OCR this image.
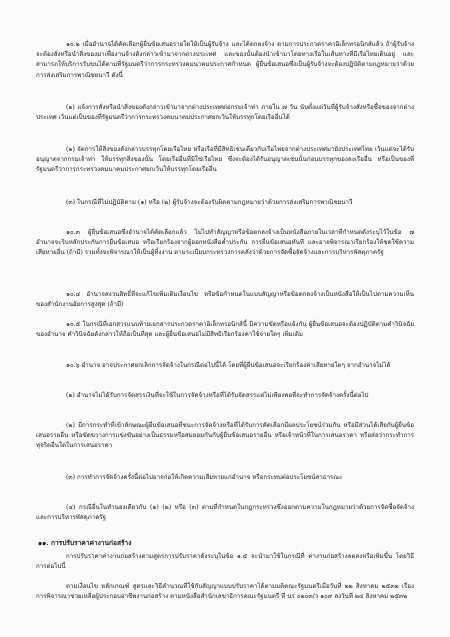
๑๐.๒ เมื่ออำนาจได้คัดเลือกผู้ยื่นข้อเสนอรายใดให้เป็นผู้รับจ้าง และได้ตกลงจ้าง ตามการประกวดราคาอิเล็กทรอนิกส์แล้ว ถ้าผู้รับจ้างจะต้องสั่งหรือนำสิ่งของมาเพื่องานจ้างดังกล่าวเข้ามาจากต่างประเทศ และของนั้นต้องนำเข้ามาโดยทางเรือในเส้นทางที่มีเรือไทยเดินอยู่ และสามารถให้บริการรับขนได้ตามที่รัฐมนตรีว่าการกระทรวงคมนาคมประกาศกำหนด ผู้ยื่นข้อเสนอซึ่งเป็นผู้รับจ้างจะต้องปฏิบัติตามกฎหมายว่าด้วยการส่งเสริมการพาณิชยนาวี ดังนี้
(๑) แจ้งการสั่งหรือนำสิ่งของดังกล่าวเข้ามาจากต่างประเทศต่อกรมเจ้าท่า ภายใน ๗ วัน นับตั้งแต่วันที่ผู้รับจ้างสั่งหรือซื้อของจากต่างประเทศ เว้นแต่เป็นของที่รัฐมนตรีว่าการกระทรวงคมนาคมประกาศยกเว้นให้บรรทุกโดยเรืออื่นได้
(๒) จัดการให้สิ่งของดังกล่าวบรรทุกโดยเรือไทย หรือเรือที่มีสิทธิเช่นเดียวกับเรือไทยจากต่างประเทศมายังประเทศไทย เว้นแต่จะได้รับอนุญาตจากกรมเจ้าท่า ให้บรรทุกสิ่งของนั้น โดยเรืออื่นที่มิใช่เรือไทย ซึ่งจะต้องได้รับอนุญาตเช่นนั้นก่อนบรรทุกของลงเรืออื่น หรือเป็นของที่รัฐมนตรีว่าการกระทรวงคมนาคมประกาศยกเว้นให้บรรทุกโดยเรืออื่น
(๓) ในกรณีที่ไม่ปฏิบัติตาม (๑) หรือ (๒) ผู้รับจ้างจะต้องรับผิดตามกฎหมายว่าด้วยการส่งเสริมการพาณิชยนาวี
๑๐.๓ ผู้ยื่นข้อเสนอซึ่งอำนาจได้คัดเลือกแล้ว ไม่ไปทำสัญญาหรือข้อตกลงจ้างเป็นหนังสือภายในเวลาที่กำหนดดังระบุไว้ในข้อ ๗ อำนาจจะริบหลักประกันการยื่นข้อเสนอ หรือเรียกร้องจากผู้ออกหนังสือค้ำประกัน การยื่นข้อเสนอทันที และอาจพิจารณาเรียกร้องให้ชดใช้ความเสียหายอื่น (ถ้ามี) รวมทั้งจะพิจารณาให้เป็นผู้ทิ้งงาน ตามระเบียบกระทรวงการคลังว่าด้วยการจัดซื้อจัดจ้างและการบริหารพัสดุภาครัฐ
๑๐.๔ อำนาจสงวนสิทธิ์ที่จะแก้ไขเพิ่มเติมเงื่อนไข หรือข้อกำหนดในแบบสัญญาหรือข้อตกลงจ้างเป็นหนังสือให้เป็นไปตามความเห็นของสำนักงานอัยการสูงสุด (ถ้ามี)
๑๐.๕ ในกรณีที่เอกสารแนบท้ายเอกสารประกวดราคาอิเล็กทรอนิกส์นี้ มีความขัดหรือแย้งกัน ผู้ยื่นข้อเสนอจะต้องปฏิบัติตามคำวินิจฉัยของอำนาจ คำวินิจฉัยดังกล่าวให้ถือเป็นที่สุด และผู้ยื่นข้อเสนอไม่มีสิทธิเรียกร้องค่าใช้จ่ายใดๆ เพิ่มเติม
๑๐.๖ อำนาจ อาจประกาศยกเลิกการจัดจ้างในกรณีต่อไปนี้ได้ โดยที่ผู้ยื่นข้อเสนอจะเรียกร้องค่าเสียหายใดๆ จากอำนาจไม่ได้
(๑) อำนาจไม่ได้รับการจัดสรรเงินที่จะใช้ในการจัดจ้างหรือที่ได้รับจัดสรรแต่ไม่เพียงพอที่จะทำการจัดจ้างครั้งนี้ต่อไป
(๒) มีการกระทำที่เข้าลักษณะผู้ยื่นข้อเสนอที่ชนะการจัดจ้างหรือที่ได้รับการคัดเลือกมีผลประโยชน์ร่วมกัน หรือมีส่วนได้เสียกับผู้ยื่นข้อเสนอรายอื่น หรือขัดขวางการแข่งขันอย่างเป็นธรรมหรือสมยอมกันกับผู้ยื่นข้อเสนอรายอื่น หรือเจ้าหน้าที่ในการเสนอราคา หรือส่อว่ากระทำการทุจริตอื่นใดในการเสนอราคา
(๓) การทำการจัดจ้างครั้งนี้ต่อไปอาจก่อให้เกิดความเสียหายแก่อำนาจ หรือกระทบต่อประโยชน์สาธารณะ
(๔) กรณีอื่นในทำนองเดียวกับ (๑) (๒) หรือ (๓) ตามที่กำหนดในกฎกระทรวงซึ่งออกตามความในกฎหมายว่าด้วยการจัดซื้อจัดจ้างและการบริหารพัสดุภาครัฐ
๑๑. การปรับราคาค่างานก่อสร้าง
การปรับราคาค่างานก่อสร้างตามสูตรการปรับราคาดังระบุในข้อ ๑.๕ จะนำมาใช้ในกรณีที่ ค่างานก่อสร้างลดลงหรือเพิ่มขึ้น โดยวิธีการต่อไปนี้
ตามเงื่อนไข หลักเกณฑ์ สูตรและวิธีคำนวณที่ใช้กับสัญญาแบบปรับราคาได้ตามมติคณะรัฐมนตรีเมื่อวันที่ ๒๒ สิงหาคม ๒๕๓๒ เรื่อง การพิจารณาช่วยเหลือผู้ประกอบอาชีพงานก่อสร้าง ตามหนังสือสำนักเลขาธิการคณะรัฐมนตรี ที่ นร ๐๒๐๓/ว ๑๐๙ ลงวันที่ ๒๔ สิงหาคม ๒๕๓๒
